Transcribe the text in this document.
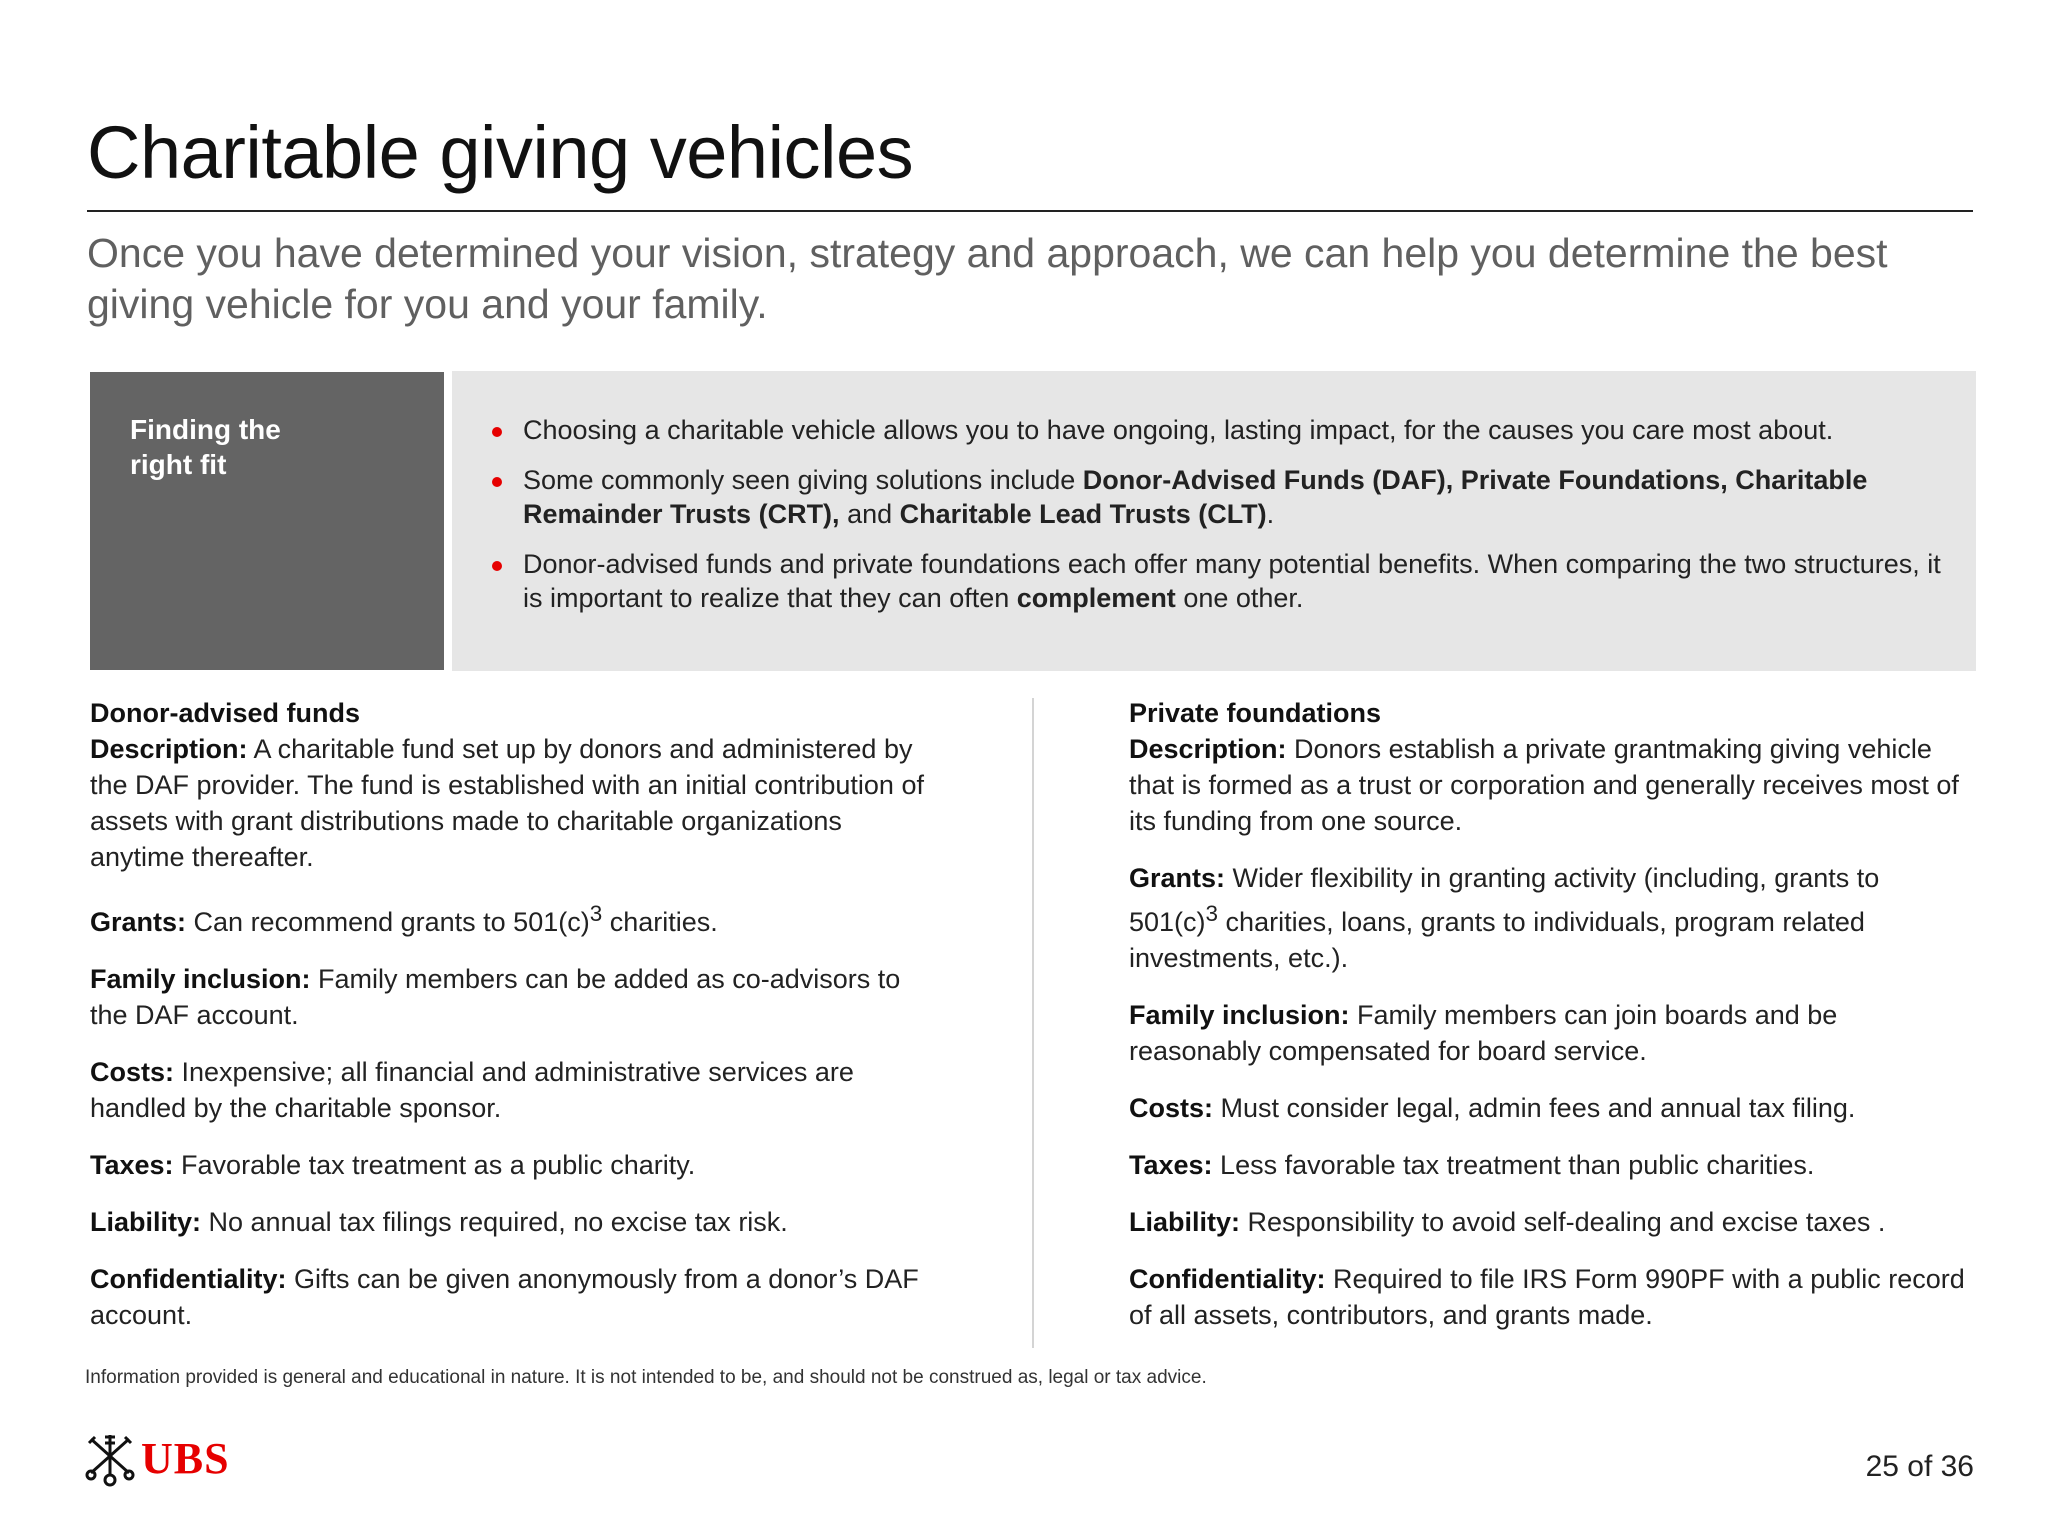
Charitable giving vehicles

Once you have determined your vision, strategy and approach, we can help you determine the best giving vehicle for you and your family.

Finding the
right fit
Choosing a charitable vehicle allows you to have ongoing, lasting impact, for the causes you care most about.
Some commonly seen giving solutions include Donor-Advised Funds (DAF), Private Foundations, Charitable Remainder Trusts (CRT), and Charitable Lead Trusts (CLT).
Donor-advised funds and private foundations each offer many potential benefits. When comparing the two structures, it is important to realize that they can often complement one other.
Donor-advised funds

Description: A charitable fund set up by donors and administered by the DAF provider. The fund is established with an initial contribution of assets with grant distributions made to charitable organizations anytime thereafter.

Grants: Can recommend grants to $501(c)^3$ charities.

Family inclusion: Family members can be added as co-advisors to the DAF account.

Costs: Inexpensive; all financial and administrative services are handled by the charitable sponsor.

Taxes: Favorable tax treatment as a public charity.

Liability: No annual tax filings required, no excise tax risk.

Confidentiality: Gifts can be given anonymously from a donor’s DAF account.

Private foundations

Description: Donors establish a private grantmaking giving vehicle that is formed as a trust or corporation and generally receives most of its funding from one source.

Grants: Wider flexibility in granting activity (including, grants to $501(c)^3$ charities, loans, grants to individuals, program related investments, etc.).

Family inclusion: Family members can join boards and be reasonably compensated for board service.

Costs: Must consider legal, admin fees and annual tax filing.

Taxes: Less favorable tax treatment than public charities.

Liability: Responsibility to avoid self-dealing and excise taxes .

Confidentiality: Required to file IRS Form 990PF with a public record of all assets, contributors, and grants made.

Information provided is general and educational in nature. It is not intended to be, and should not be construed as, legal or tax advice.
UBS	25 of 36
